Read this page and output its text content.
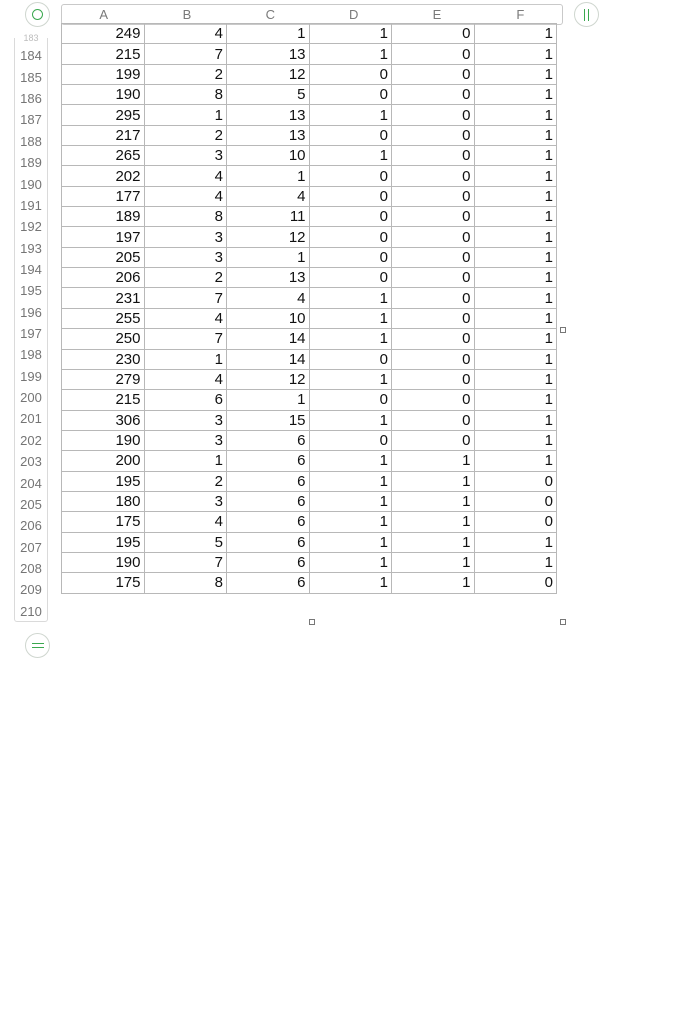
A	B	C	D	E	F
183
184
185
186
187
188
189
190
191
192
193
194
195
196
197
198
199
200
201
202
203
204
205
206
207
208
209
210
249	4	1	1	0	1
215	7	13	1	0	1
199	2	12	0	0	1
190	8	5	0	0	1
295	1	13	1	0	1
217	2	13	0	0	1
265	3	10	1	0	1
202	4	1	0	0	1
177	4	4	0	0	1
189	8	11	0	0	1
197	3	12	0	0	1
205	3	1	0	0	1
206	2	13	0	0	1
231	7	4	1	0	1
255	4	10	1	0	1
250	7	14	1	0	1
230	1	14	0	0	1
279	4	12	1	0	1
215	6	1	0	0	1
306	3	15	1	0	1
190	3	6	0	0	1
200	1	6	1	1	1
195	2	6	1	1	0
180	3	6	1	1	0
175	4	6	1	1	0
195	5	6	1	1	1
190	7	6	1	1	1
175	8	6	1	1	0
